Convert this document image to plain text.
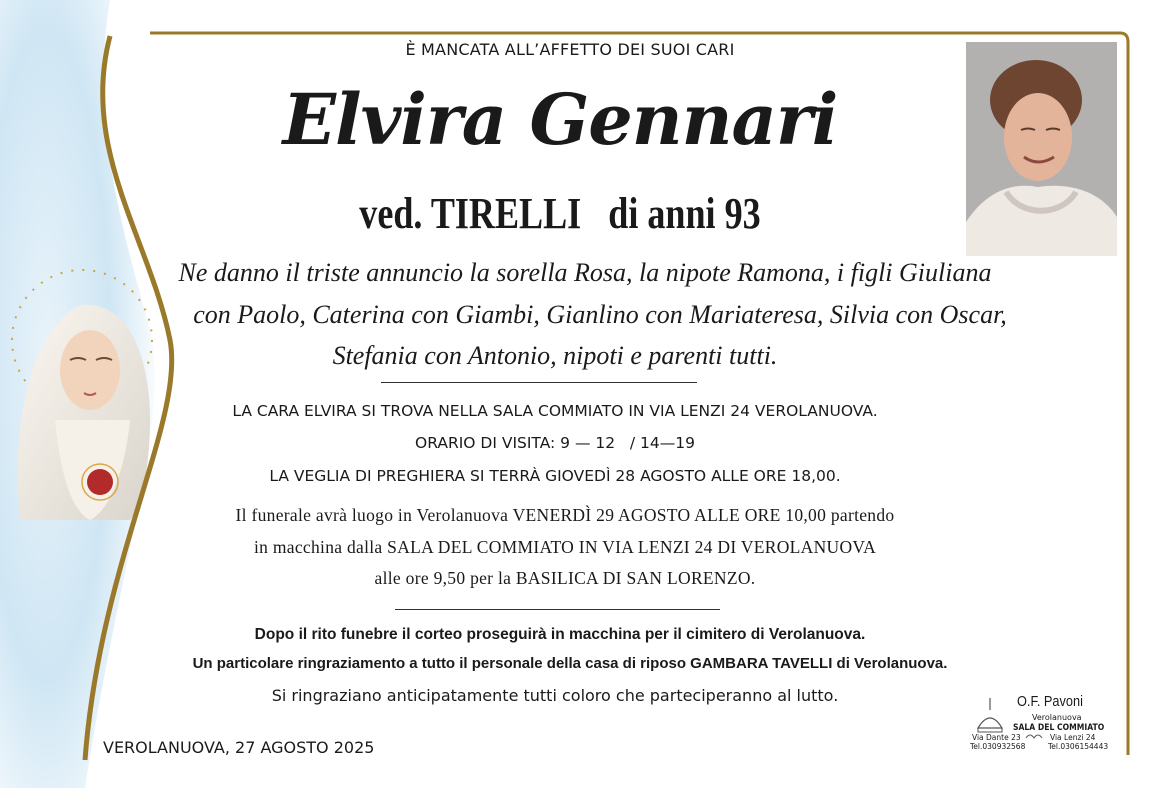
È MANCATA ALL’AFFETTO DEI SUOI CARI
Elvira Gennari
ved. TIRELLI   di anni 93
Ne danno il triste annuncio la sorella Rosa, la nipote Ramona, i figli Giuliana
con Paolo, Caterina con Giambi, Gianlino con Mariateresa, Silvia con Oscar,
Stefania con Antonio, nipoti e parenti tutti.
LA CARA ELVIRA SI TROVA NELLA SALA COMMIATO IN VIA LENZI 24 VEROLANUOVA.
ORARIO DI VISITA: 9 — 12   / 14—19
LA VEGLIA DI PREGHIERA SI TERRÀ GIOVEDÌ 28 AGOSTO ALLE ORE 18,00.
Il funerale avrà luogo in Verolanuova VENERDÌ 29 AGOSTO ALLE ORE 10,00 partendo
in macchina dalla SALA DEL COMMIATO IN VIA LENZI 24 DI VEROLANUOVA
alle ore 9,50 per la BASILICA DI SAN LORENZO.
Dopo il rito funebre il corteo proseguirà in macchina per il cimitero di Verolanuova.
Un particolare ringraziamento a tutto il personale della casa di riposo GAMBARA TAVELLI di Verolanuova.
Si ringraziano anticipatamente tutti coloro che parteciperanno al lutto.
VEROLANUOVA, 27 AGOSTO 2025
O.F. Pavoni
Verolanuova
SALA DEL COMMIATO
Via Dante 23
Tel.030932568
Via Lenzi 24
Tel.0306154443
